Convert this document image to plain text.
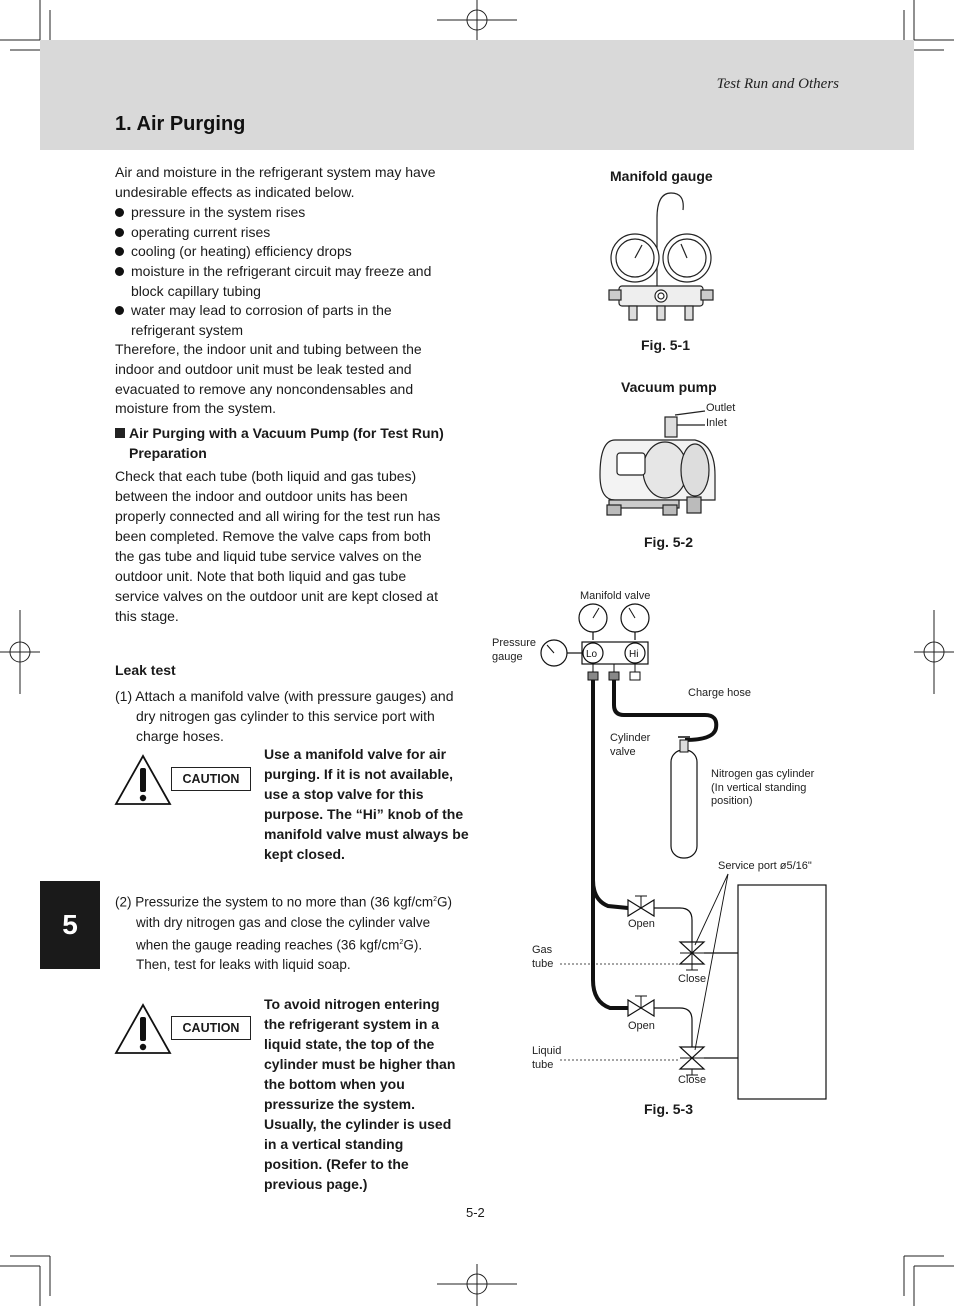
Test Run and Others
1. Air Purging
5

Air and moisture in the refrigerant system may have undesirable effects as indicated below.

pressure in the system rises
operating current rises
cooling (or heating) efficiency drops
moisture in the refrigerant circuit may freeze and block capillary tubing
water may lead to corrosion of parts in the refrigerant system

Therefore, the indoor unit and tubing between the indoor and outdoor unit must be leak tested and evacuated to remove any noncondensables and moisture from the system.

Air Purging with a Vacuum Pump (for Test Run)

Preparation

Check that each tube (both liquid and gas tubes) between the indoor and outdoor units has been properly connected and all wiring for the test run has been completed. Remove the valve caps from both the gas tube and liquid tube service valves on the outdoor unit. Note that both liquid and gas tube service valves on the outdoor unit are kept closed at this stage.

Leak test

(1) Attach a manifold valve (with pressure gauges) and dry nitrogen gas cylinder to this service port with charge hoses.

CAUTION
Use a manifold valve for air purging. If it is not available, use a stop valve for this purpose. The “Hi” knob of the manifold valve must always be kept closed.

(2) Pressurize the system to no more than (36 kgf/$cm^2G$) with dry nitrogen gas and close the cylinder valve when the gauge reading reaches (36 kgf/$cm^2G$). Then, test for leaks with liquid soap.

CAUTION
To avoid nitrogen entering the refrigerant system in a liquid state, the top of the cylinder must be higher than the bottom when you pressurize the system. Usually, the cylinder is used in a vertical standing position. (Refer to the previous page.)
Manifold gauge
Fig. 5-1
Vacuum pump
Outlet
Inlet
Fig. 5-2
Manifold valve
Pressure
gauge
Charge hose
Cylinder
valve
Nitrogen gas cylinder
(In vertical standing
position)
Service port ø5/16"
Open
Close
Open
Close
Gas
tube
Liquid
tube
Lo	Hi
Fig. 5-3
5-2
